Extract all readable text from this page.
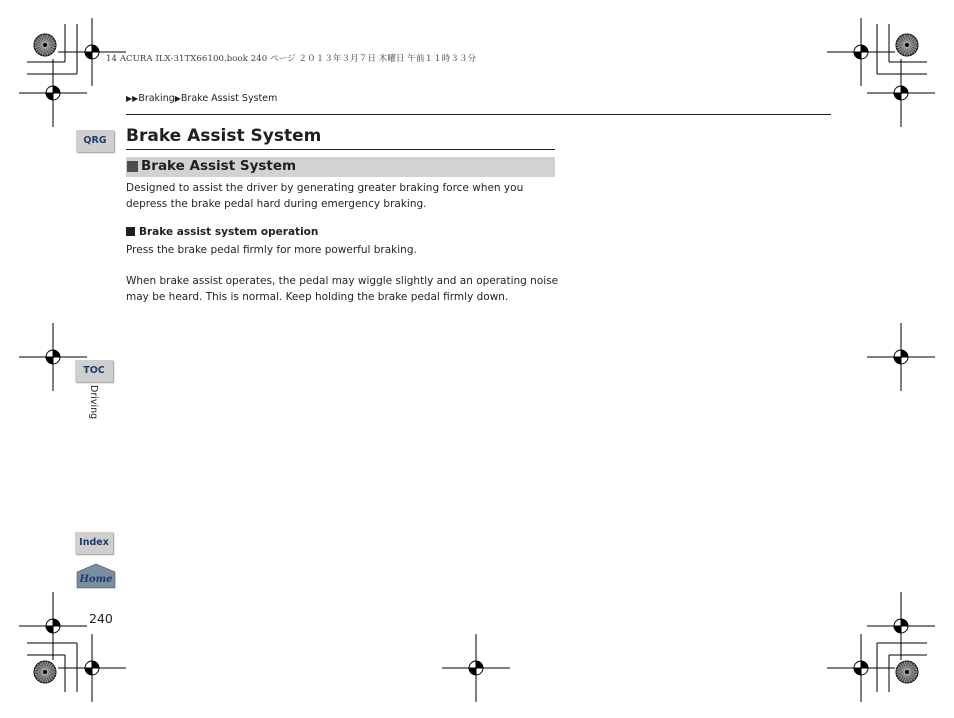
14 ACURA ILX-31TX66100.book 240 ページ ２０１３年３月７日 木曜日 午前１１時３３分
▶▶Braking▶Brake Assist System
Brake Assist System
Brake Assist System
Designed to assist the driver by generating greater braking force when you depress the brake pedal hard during emergency braking.
Brake assist system operation
Press the brake pedal firmly for more powerful braking.
When brake assist operates, the pedal may wiggle slightly and an operating noise may be heard. This is normal. Keep holding the brake pedal firmly down.
QRG
TOC
Driving
Index
Home
240
